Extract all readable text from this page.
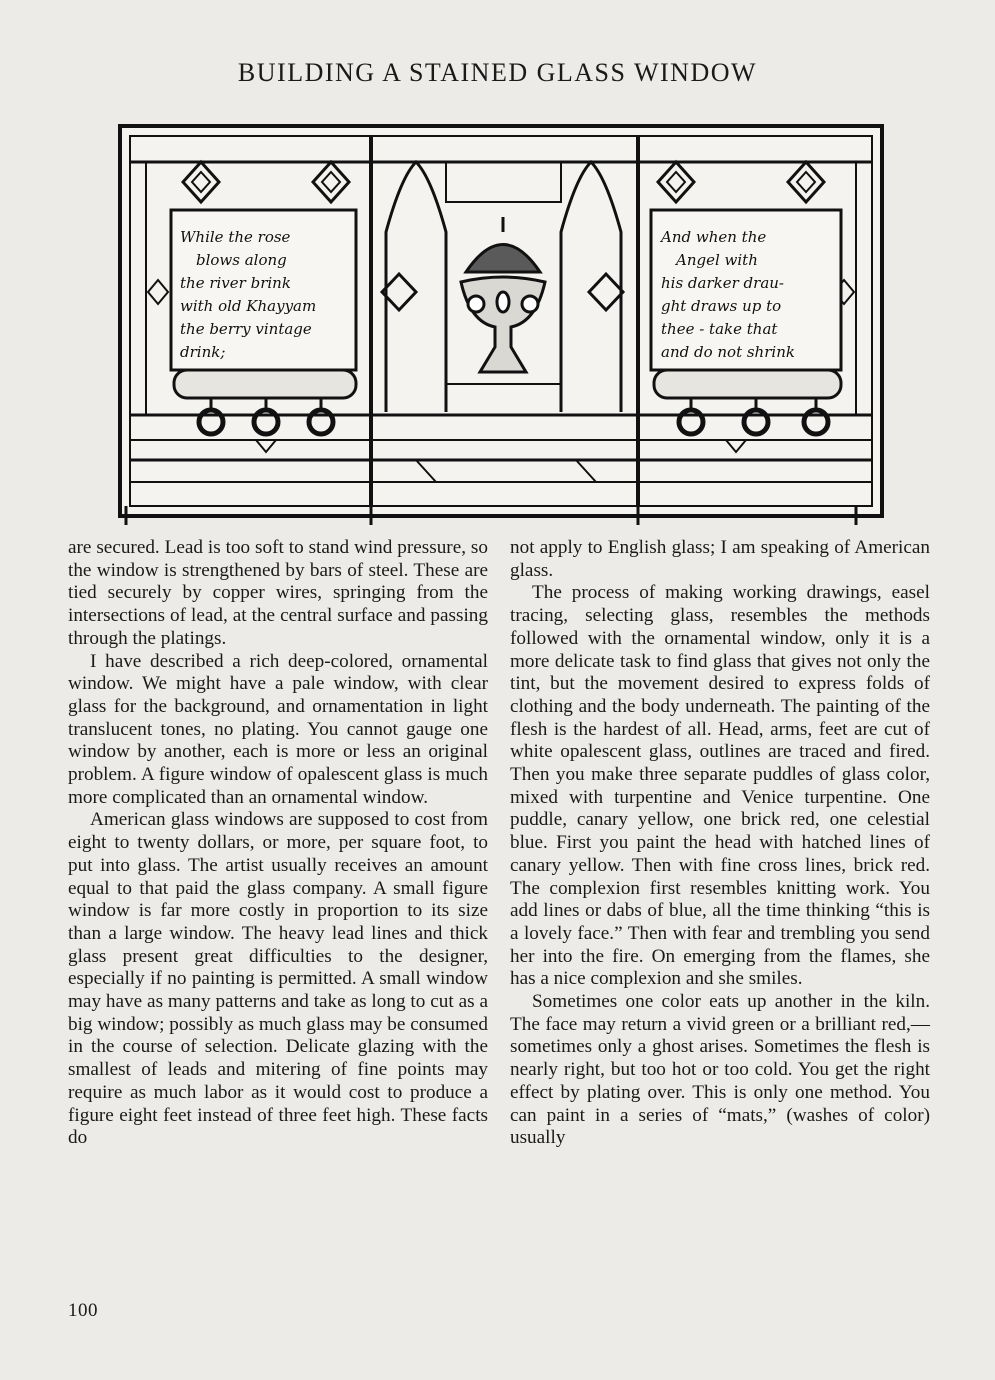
BUILDING A STAINED GLASS WINDOW
While the rose
blows along
the river brink
with old Khayyam
the berry vintage
drink;
And when the
Angel with
his darker drau-
ght draws up to
thee - take that
and do not shrink

are secured. Lead is too soft to stand wind pressure, so the window is strengthened by bars of steel. These are tied securely by copper wires, springing from the intersections of lead, at the central surface and passing through the platings.

I have described a rich deep-colored, ornamental window. We might have a pale window, with clear glass for the background, and ornamentation in light translucent tones, no plating. You cannot gauge one window by another, each is more or less an original problem. A figure window of opalescent glass is much more complicated than an ornamental window.

American glass windows are supposed to cost from eight to twenty dollars, or more, per square foot, to put into glass. The artist usually receives an amount equal to that paid the glass company. A small figure window is far more costly in proportion to its size than a large window. The heavy lead lines and thick glass present great difficulties to the designer, especially if no painting is permitted. A small window may have as many patterns and take as long to cut as a big window; possibly as much glass may be consumed in the course of selection. Delicate glazing with the smallest of leads and mitering of fine points may require as much labor as it would cost to produce a figure eight feet instead of three feet high. These facts do

not apply to English glass; I am speaking of American glass.

The process of making working drawings, easel tracing, selecting glass, resembles the methods followed with the ornamental window, only it is a more delicate task to find glass that gives not only the tint, but the movement desired to express folds of clothing and the body underneath. The painting of the flesh is the hardest of all. Head, arms, feet are cut of white opalescent glass, outlines are traced and fired. Then you make three separate puddles of glass color, mixed with turpentine and Venice turpentine. One puddle, canary yellow, one brick red, one celestial blue. First you paint the head with hatched lines of canary yellow. Then with fine cross lines, brick red. The complexion first resembles knitting work. You add lines or dabs of blue, all the time thinking “this is a lovely face.” Then with fear and trembling you send her into the fire. On emerging from the flames, she has a nice complexion and she smiles.

Sometimes one color eats up another in the kiln. The face may return a vivid green or a brilliant red,—sometimes only a ghost arises. Sometimes the flesh is nearly right, but too hot or too cold. You get the right effect by plating over. This is only one method. You can paint in a series of “mats,” (washes of color) usually

100
